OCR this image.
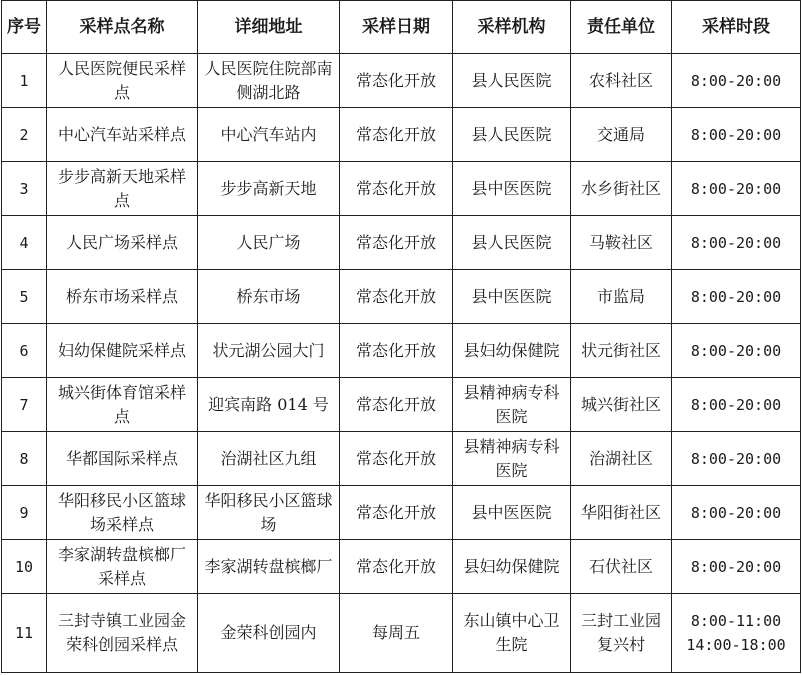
序号	采样点名称	详细地址	采样日期	采样机构	责任单位	采样时段
1	人民医院便民采样点	人民医院住院部南侧湖北路	常态化开放	县人民医院	农科社区	8:00-20:00

2	中心汽车站采样点	中心汽车站内	常态化开放	县人民医院	交通局	8:00-20:00

3	步步高新天地采样点	步步高新天地	常态化开放	县中医医院	水乡街社区	8:00-20:00

4	人民广场采样点	人民广场	常态化开放	县人民医院	马鞍社区	8:00-20:00

5	桥东市场采样点	桥东市场	常态化开放	县中医医院	市监局	8:00-20:00

6	妇幼保健院采样点	状元湖公园大门	常态化开放	县妇幼保健院	状元街社区	8:00-20:00

7	城兴街体育馆采样点	迎宾南路 014 号	常态化开放	县精神病专科医院	城兴街社区	8:00-20:00

8	华都国际采样点	治湖社区九组	常态化开放	县精神病专科医院	治湖社区	8:00-20:00

9	华阳移民小区篮球场采样点	华阳移民小区篮球场	常态化开放	县中医医院	华阳街社区	8:00-20:00

10	李家湖转盘槟榔厂采样点	李家湖转盘槟榔厂	常态化开放	县妇幼保健院	石伏社区	8:00-20:00

11	三封寺镇工业园金荣科创园采样点	金荣科创园内	每周五	东山镇中心卫生院	三封工业园复兴村	8:00-11:00
14:00-18:00
